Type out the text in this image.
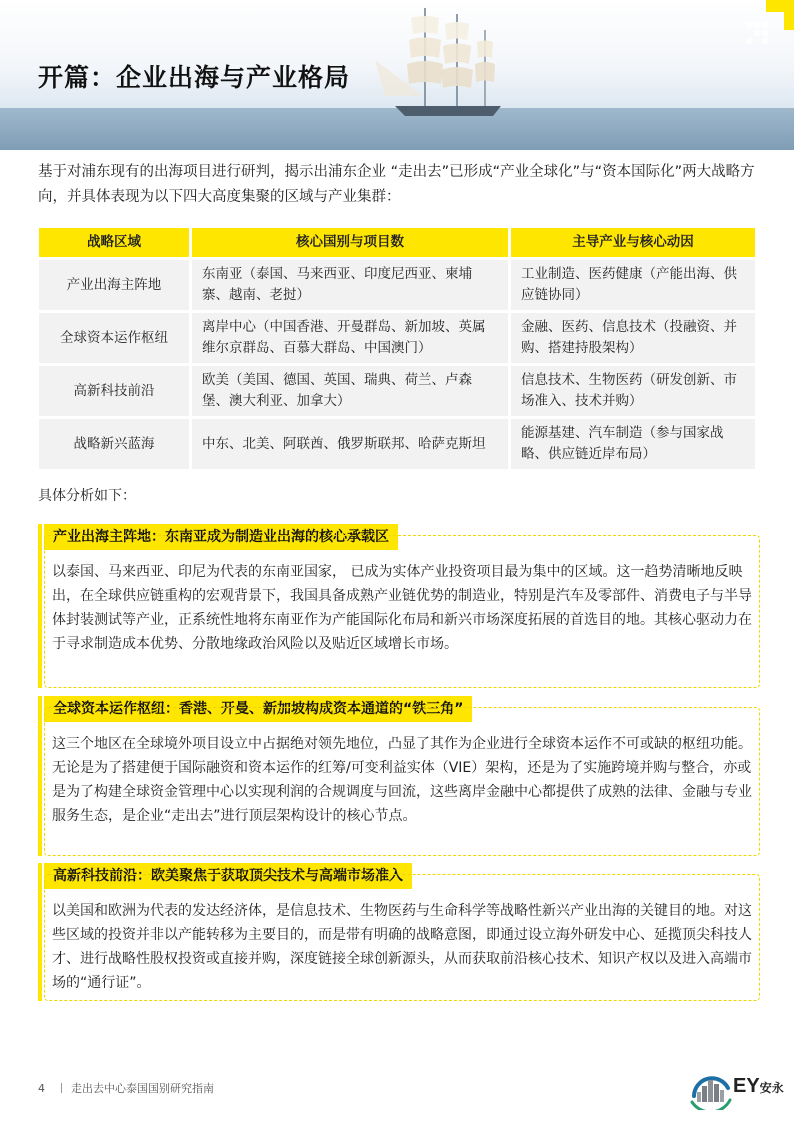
开篇：企业出海与产业格局

基于对浦东现有的出海项目进行研判，揭示出浦东企业 “走出去”已形成“产业全球化”与“资本国际化”两大战略方向，并具体表现为以下四大高度集聚的区域与产业集群：

战略区域	核心国别与项目数	主导产业与核心动因
产业出海主阵地	东南亚（泰国、马来西亚、印度尼西亚、柬埔寨、越南、老挝）	工业制造、医药健康（产能出海、供应链协同）
全球资本运作枢纽	离岸中心（中国香港、开曼群岛、新加坡、英属维尔京群岛、百慕大群岛、中国澳门）	金融、医药、信息技术（投融资、并购、搭建持股架构）
高新科技前沿	欧美（美国、德国、英国、瑞典、荷兰、卢森堡、澳大利亚、加拿大）	信息技术、生物医药（研发创新、市场准入、技术并购）
战略新兴蓝海	中东、北美、阿联酋、俄罗斯联邦、哈萨克斯坦	能源基建、汽车制造（参与国家战略、供应链近岸布局）

具体分析如下：

产业出海主阵地：东南亚成为制造业出海的核心承载区

以泰国、马来西亚、印尼为代表的东南亚国家， 已成为实体产业投资项目最为集中的区域。这一趋势清晰地反映出，在全球供应链重构的宏观背景下，我国具备成熟产业链优势的制造业，特别是汽车及零部件、消费电子与半导体封装测试等产业，正系统性地将东南亚作为产能国际化布局和新兴市场深度拓展的首选目的地。其核心驱动力在于寻求制造成本优势、分散地缘政治风险以及贴近区域增长市场。

全球资本运作枢纽：香港、开曼、新加坡构成资本通道的“铁三角”

这三个地区在全球境外项目设立中占据绝对领先地位，凸显了其作为企业进行全球资本运作不可或缺的枢纽功能。无论是为了搭建便于国际融资和资本运作的红筹/可变利益实体（VIE）架构，还是为了实施跨境并购与整合，亦或是为了构建全球资金管理中心以实现利润的合规调度与回流，这些离岸金融中心都提供了成熟的法律、金融与专业服务生态，是企业“走出去”进行顶层架构设计的核心节点。

高新科技前沿：欧美聚焦于获取顶尖技术与高端市场准入

以美国和欧洲为代表的发达经济体，是信息技术、生物医药与生命科学等战略性新兴产业出海的关键目的地。对这些区域的投资并非以产能转移为主要目的，而是带有明确的战略意图，即通过设立海外研发中心、延揽顶尖科技人才、进行战略性股权投资或直接并购，深度链接全球创新源头，从而获取前沿核心技术、知识产权以及进入高端市场的“通行证”。

4 走出去中心泰国国别研究指南	EY安永
